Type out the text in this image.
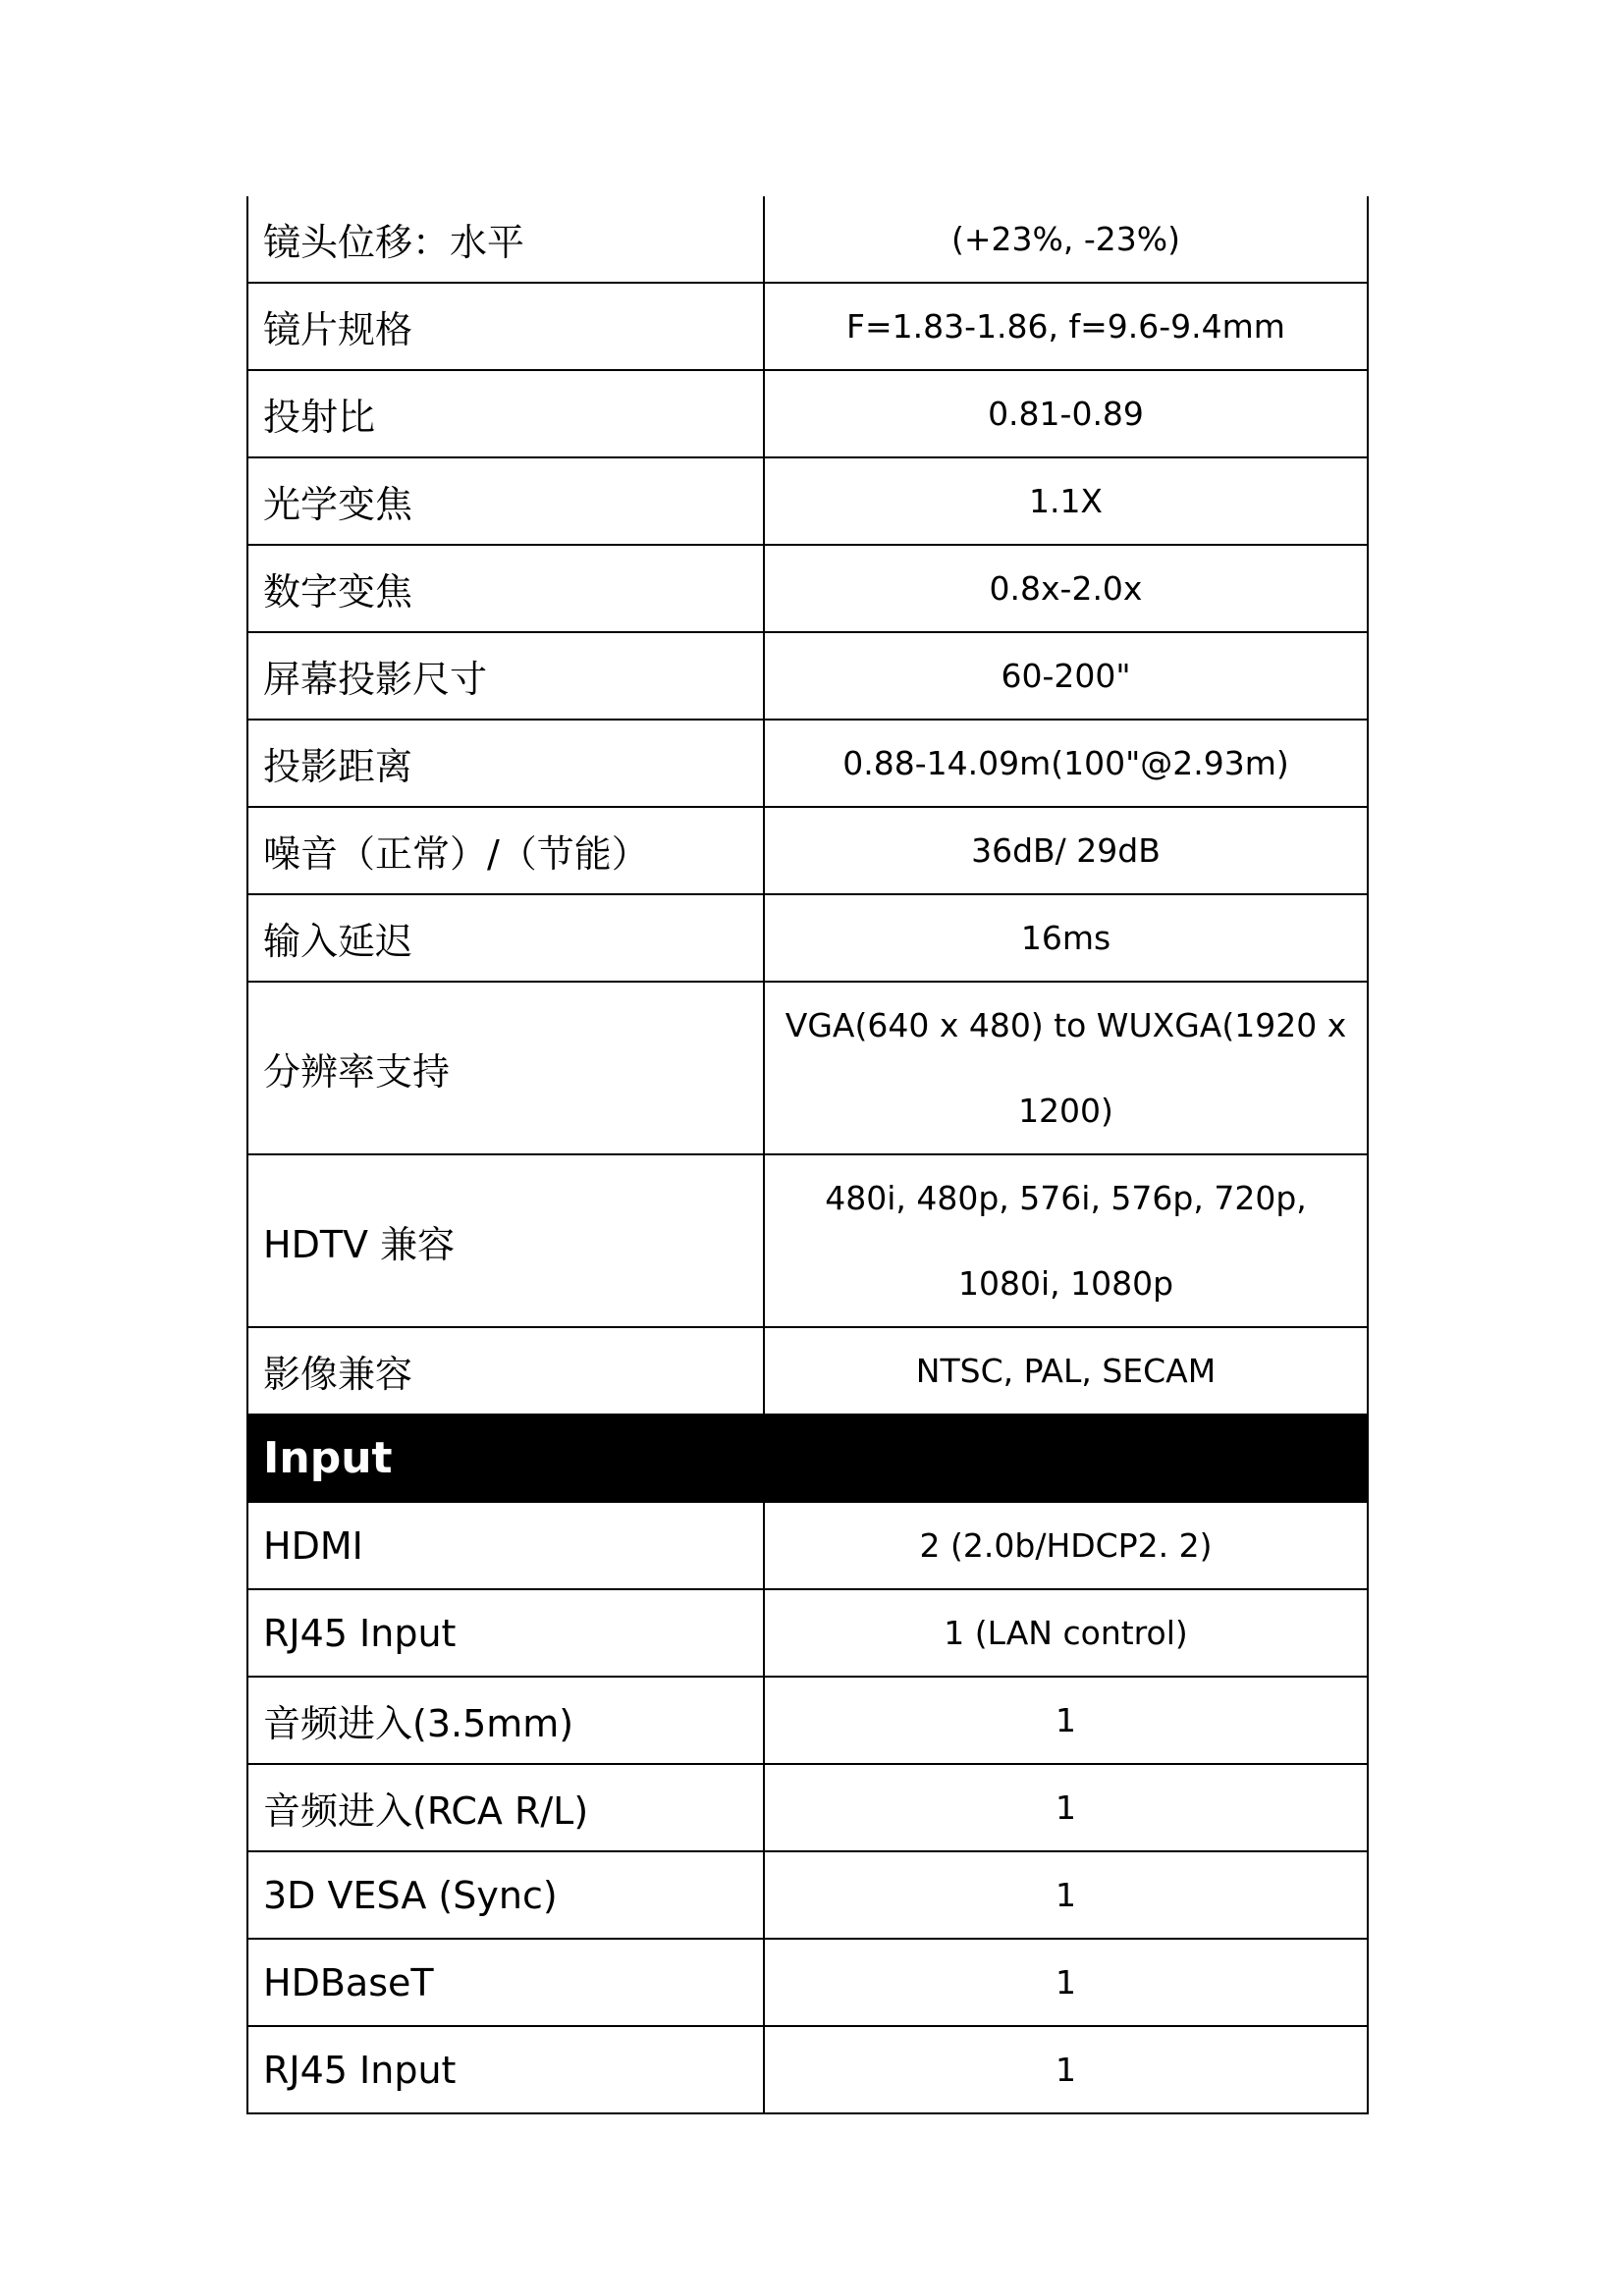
镜头位移：水平	(+23%, -23%)
镜片规格	F=1.83-1.86, f=9.6-9.4mm
投射比	0.81-0.89
光学变焦	1.1X
数字变焦	0.8x-2.0x
屏幕投影尺寸	60-200"
投影距离	0.88-14.09m(100"@2.93m)
噪音（正常）/（节能）	36dB/ 29dB
输入延迟	16ms
分辨率支持	VGA(640 x 480) to WUXGA(1920 x 1200)
HDTV 兼容	480i, 480p, 576i, 576p, 720p, 1080i, 1080p
影像兼容	NTSC, PAL, SECAM
Input	
HDMI	2 (2.0b/HDCP2. 2)
RJ45 Input	1 (LAN control)
音频进入(3.5mm)	1
音频进入(RCA R/L)	1
3D VESA (Sync)	1
HDBaseT	1
RJ45 Input	1
